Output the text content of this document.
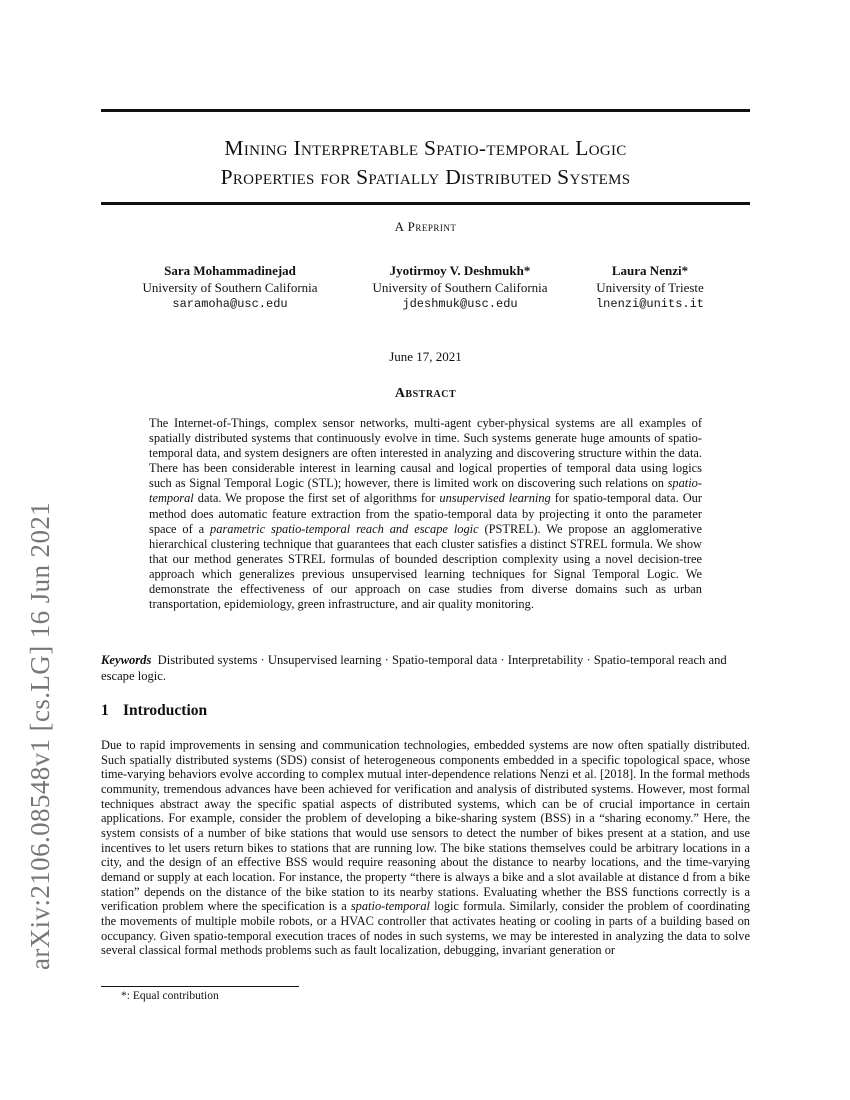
arXiv:2106.08548v1 [cs.LG] 16 Jun 2021
Mining Interpretable Spatio-temporal Logic
Properties for Spatially Distributed Systems
A Preprint
Sara Mohammadinejad
University of Southern California
saramoha@usc.edu
Jyotirmoy V. Deshmukh*
University of Southern California
jdeshmuk@usc.edu
Laura Nenzi*
University of Trieste
lnenzi@units.it
June 17, 2021
Abstract
The Internet-of-Things, complex sensor networks, multi-agent cyber-physical systems are all examples of spatially distributed systems that continuously evolve in time. Such systems generate huge amounts of spatio-temporal data, and system designers are often interested in analyzing and discovering structure within the data. There has been considerable interest in learning causal and logical properties of temporal data using logics such as Signal Temporal Logic (STL); however, there is limited work on discovering such relations on spatio-temporal data. We propose the first set of algorithms for unsupervised learning for spatio-temporal data. Our method does automatic feature extraction from the spatio-temporal data by projecting it onto the parameter space of a parametric spatio-temporal reach and escape logic (PSTREL). We propose an agglomerative hierarchical clustering technique that guarantees that each cluster satisfies a distinct STREL formula. We show that our method generates STREL formulas of bounded description complexity using a novel decision-tree approach which generalizes previous unsupervised learning techniques for Signal Temporal Logic. We demonstrate the effectiveness of our approach on case studies from diverse domains such as urban transportation, epidemiology, green infrastructure, and air quality monitoring.
Keywords Distributed systems · Unsupervised learning · Spatio-temporal data · Interpretability · Spatio-temporal reach and escape logic.
1 Introduction
Due to rapid improvements in sensing and communication technologies, embedded systems are now often spatially distributed. Such spatially distributed systems (SDS) consist of heterogeneous components embedded in a specific topological space, whose time-varying behaviors evolve according to complex mutual inter-dependence relations Nenzi et al. [2018]. In the formal methods community, tremendous advances have been achieved for verification and analysis of distributed systems. However, most formal techniques abstract away the specific spatial aspects of distributed systems, which can be of crucial importance in certain applications. For example, consider the problem of developing a bike-sharing system (BSS) in a “sharing economy.” Here, the system consists of a number of bike stations that would use sensors to detect the number of bikes present at a station, and use incentives to let users return bikes to stations that are running low. The bike stations themselves could be arbitrary locations in a city, and the design of an effective BSS would require reasoning about the distance to nearby locations, and the time-varying demand or supply at each location. For instance, the property “there is always a bike and a slot available at distance d from a bike station” depends on the distance of the bike station to its nearby stations. Evaluating whether the BSS functions correctly is a verification problem where the specification is a spatio-temporal logic formula. Similarly, consider the problem of coordinating the movements of multiple mobile robots, or a HVAC controller that activates heating or cooling in parts of a building based on occupancy. Given spatio-temporal execution traces of nodes in such systems, we may be interested in analyzing the data to solve several classical formal methods problems such as fault localization, debugging, invariant generation or
*: Equal contribution
